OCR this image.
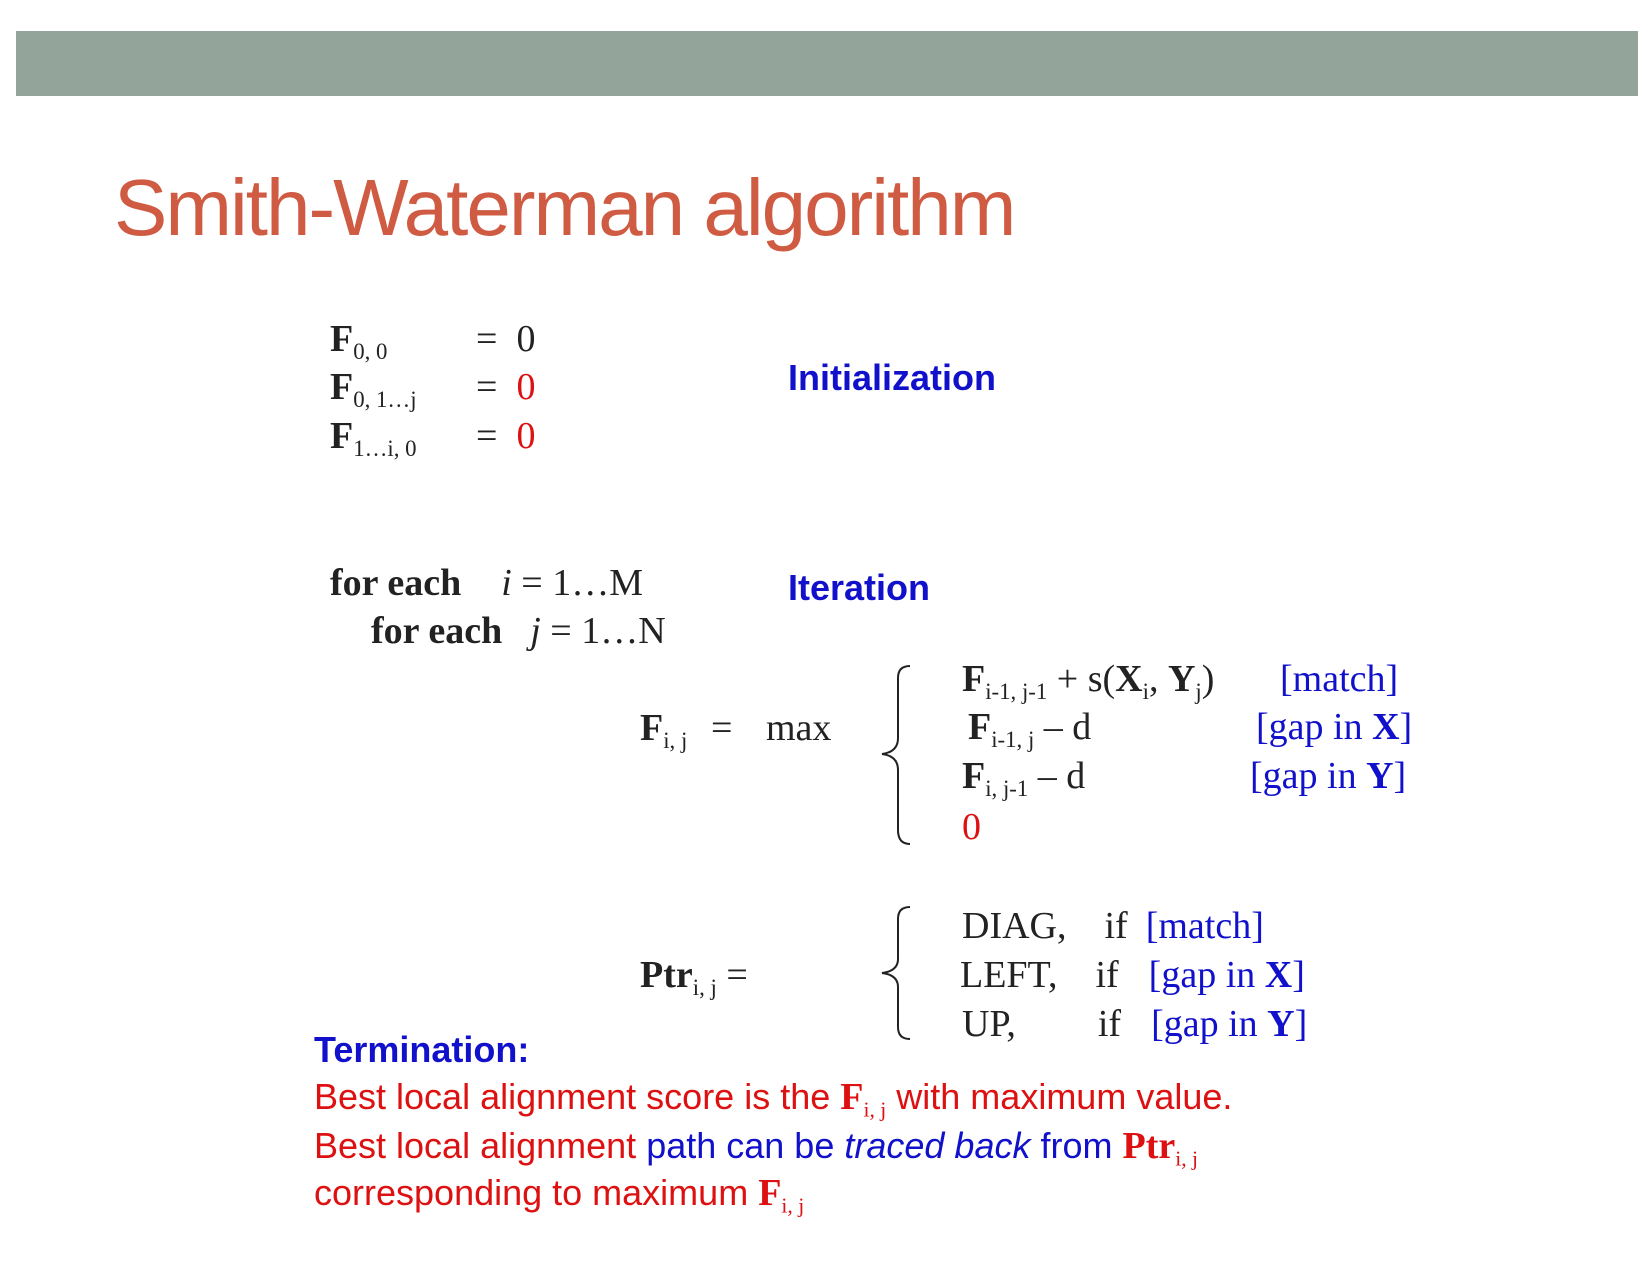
Smith-Waterman algorithm
$F_{0, 0} = 0$
$F_{0, 1\dots j} = 0$
$F_{1\dots i, 0} = 0$
Initialization
for each i = 1…M
for each j = 1…N
Iteration
$F_{i, j} = \max$
$F_{i-1, j-1} + s(X_i$, $Y_j$) [match]
$F_{i-1, j}$ – d	[gap in X]
$F_{i, j-1}$ – d	[gap in Y]
0
Ptr$_{i, j}$ =
DIAG, if [match]
LEFT, if [gap in X]
UP, if [gap in Y]
Termination:
Best local alignment score is the $F_{i, j}$ with maximum value.
Best local alignment path can be traced back from Ptr$_{i, j}$
corresponding to maximum $F_{i, j}$
